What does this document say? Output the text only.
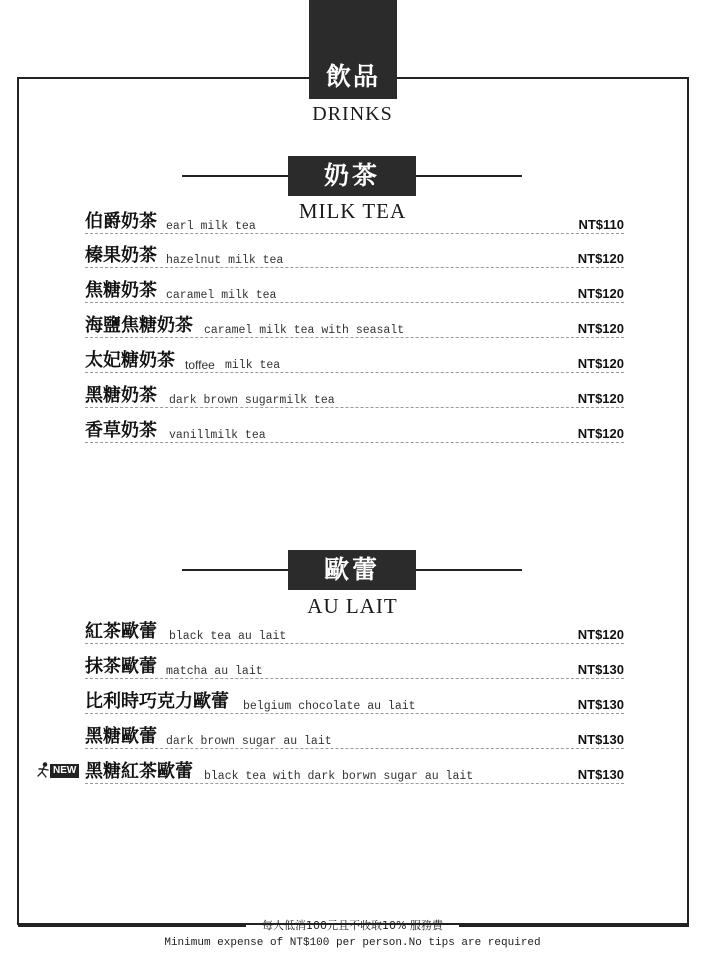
飲品
DRINKS
奶茶
MILK TEA
伯爵奶茶 earl milk tea	NT$110
榛果奶茶 hazelnut milk tea	NT$120
焦糖奶茶 caramel milk tea	NT$120
海鹽焦糖奶茶 caramel milk tea with seasalt	NT$120
太妃糖奶茶 toffee milk tea	NT$120
黑糖奶茶 dark brown sugarmilk tea	NT$120
香草奶茶 vanillmilk tea	NT$120
歐蕾
AU LAIT
紅茶歐蕾 black tea au lait	NT$120
抹茶歐蕾 matcha au lait	NT$130
比利時巧克力歐蕾 belgium chocolate au lait	NT$130
黑糖歐蕾 dark brown sugar au lait	NT$130
黑糖紅茶歐蕾 black tea with dark borwn sugar au lait	NT$130
NEW
每人低消100元且不收取10% 服務費
Minimum expense of NT$100 per person.No tips are required
